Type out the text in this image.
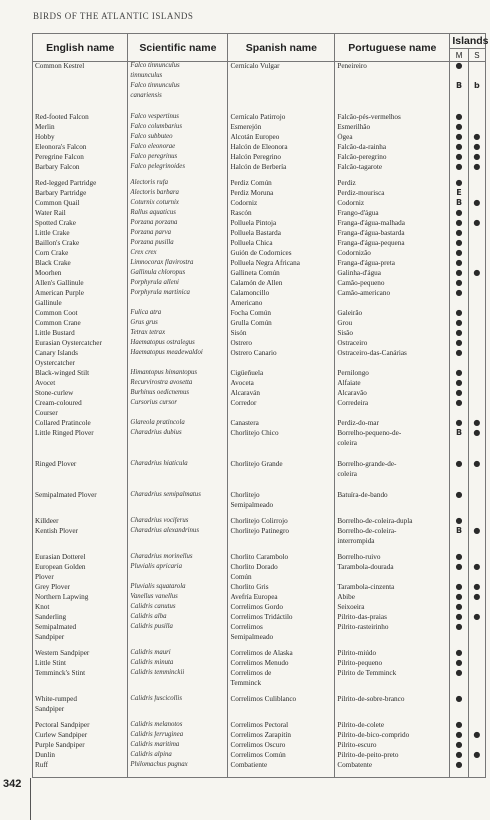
BIRDS OF THE ATLANTIC ISLANDS
English name	Scientific name	Spanish name	Portuguese name	Islands	
				M	S
Common Kestrel	Falco tinnunculus	Cernícalo Vulgar	Peneireiro	●	
	tinnunculus				
	Falco tinnunculus			B	b
	canariensis				

Red-footed Falcon	Falco vespertinus	Cernícalo Patirrojo	Falcão-pés-vermelhos	●	
Merlin	Falco columbarius	Esmerejón	Esmerilhão	●	
Hobby	Falco subbuteo	Alcotán Europeo	Ógea	●	●
Eleonora's Falcon	Falco eleonorae	Halcón de Eleonora	Falcão-da-rainha	●	●
Peregrine Falcon	Falco peregrinus	Halcón Peregrino	Falcão-peregrino	●	●
Barbary Falcon	Falco pelegrinoides	Halcón de Berbería	Falcão-tagarote	●	●

Red-legged Partridge	Alectoris rufa	Perdiz Común	Perdiz	●	
Barbary Partridge	Alectoris barbara	Perdiz Moruna	Perdiz-mourisca	E	
Common Quail	Coturnix coturnix	Codorniz	Codorniz	B	●
Water Rail	Rallus aquaticus	Rascón	Frango-d'água	●	
Spotted Crake	Porzana porzana	Polluela Pintoja	Franga-d'água-malhada	●	●
Little Crake	Porzana parva	Polluela Bastarda	Franga-d'água-bastarda	●	
Baillon's Crake	Porzana pusilla	Polluela Chica	Franga-d'água-pequena	●	
Corn Crake	Crex crex	Guión de Codornices	Codornizão	●	
Black Crake	Limnocorax flavirostra	Polluela Negra Africana	Franga-d'água-preta	●	
Moorhen	Gallinula chloropus	Gallineta Común	Galinha-d'água	●	●
Allen's Gallinule	Porphyrula alleni	Calamón de Allen	Camão-pequeno	●	
American Purple	Porphyrula martinica	Calamoncillo	Camão-americano	●	
Gallinule		Americano			
Common Coot	Fulica atra	Focha Común	Galeirão	●	
Common Crane	Grus grus	Grulla Común	Grou	●	
Little Bustard	Tetrax tetrax	Sisón	Sisão	●	
Eurasian Oystercatcher	Haematopus ostralegus	Ostrero	Ostraceiro	●	
Canary Islands	Haematopus meadewaldoi	Ostrero Canario	Ostraceiro-das-Canárias	●	
Oystercatcher					
Black-winged Stilt	Himantopus himantopus	Cigüeñuela	Pernilongo	●	
Avocet	Recurvirostra avosetta	Avoceta	Alfaiate	●	
Stone-curlew	Burhinus oedicnemus	Alcaraván	Alcaravão	●	
Cream-coloured	Cursorius cursor	Corredor	Corredeira	●	
Courser					
Collared Pratincole	Glareola pratincola	Canastera	Perdiz-do-mar	●	●
Little Ringed Plover	Charadrius dubius	Chorlitejo Chico	Borrelho-pequeno-de-	B	●
			coleira		

Ringed Plover	Charadrius hiaticula	Chorlitejo Grande	Borrelho-grande-de-	●	●
			coleira		

Semipalmated Plover	Charadrius semipalmatus	Chorlitejo	Batuíra-de-bando	●	
		Semipalmeado			

Killdeer	Charadrius vociferus	Chorlitejo Colirrojo	Borrelho-de-coleira-dupla	●	
Kentish Plover	Charadrius alexandrinus	Chorlitejo Patinegro	Borrelho-de-coleira-	B	●
			interrompida		

Eurasian Dotterel	Charadrius morinellus	Chorlito Carambolo	Borrelho-ruivo	●	
European Golden	Pluvialis apricaria	Chorlito Dorado	Tarambola-dourada	●	●
Plover		Común			
Grey Plover	Pluvialis squatarola	Chorlito Gris	Tarambola-cinzenta	●	●
Northern Lapwing	Vanellus vanellus	Avefría Europea	Abibe	●	●
Knot	Calidris canutus	Correlimos Gordo	Seixoeira	●	
Sanderling	Calidris alba	Correlimos Tridáctilo	Pilrito-das-praias	●	●
Semipalmated	Calidris pusilla	Correlimos	Pilrito-rasteirinho	●	
Sandpiper		Semipalmeado			

Western Sandpiper	Calidris mauri	Correlimos de Alaska	Pilrito-miúdo	●	
Little Stint	Calidris minuta	Correlimos Menudo	Pilrito-pequeno	●	
Temminck's Stint	Calidris temminckii	Correlimos de	Pilrito de Temminck	●	
		Temminck			

White-rumped	Calidris fuscicollis	Correlimos Culiblanco	Pilrito-de-sobre-branco	●	
Sandpiper					

Pectoral Sandpiper	Calidris melanotos	Correlimos Pectoral	Pilrito-de-colete	●	
Curlew Sandpiper	Calidris ferruginea	Correlimos Zarapitín	Pilrito-de-bico-comprido	●	●
Purple Sandpiper	Calidris maritima	Correlimos Oscuro	Pilrito-escuro	●	
Dunlin	Calidris alpina	Correlimos Común	Pilrito-de-peito-preto	●	●
Ruff	Philomachus pugnax	Combatiente	Combatente	●	

342
